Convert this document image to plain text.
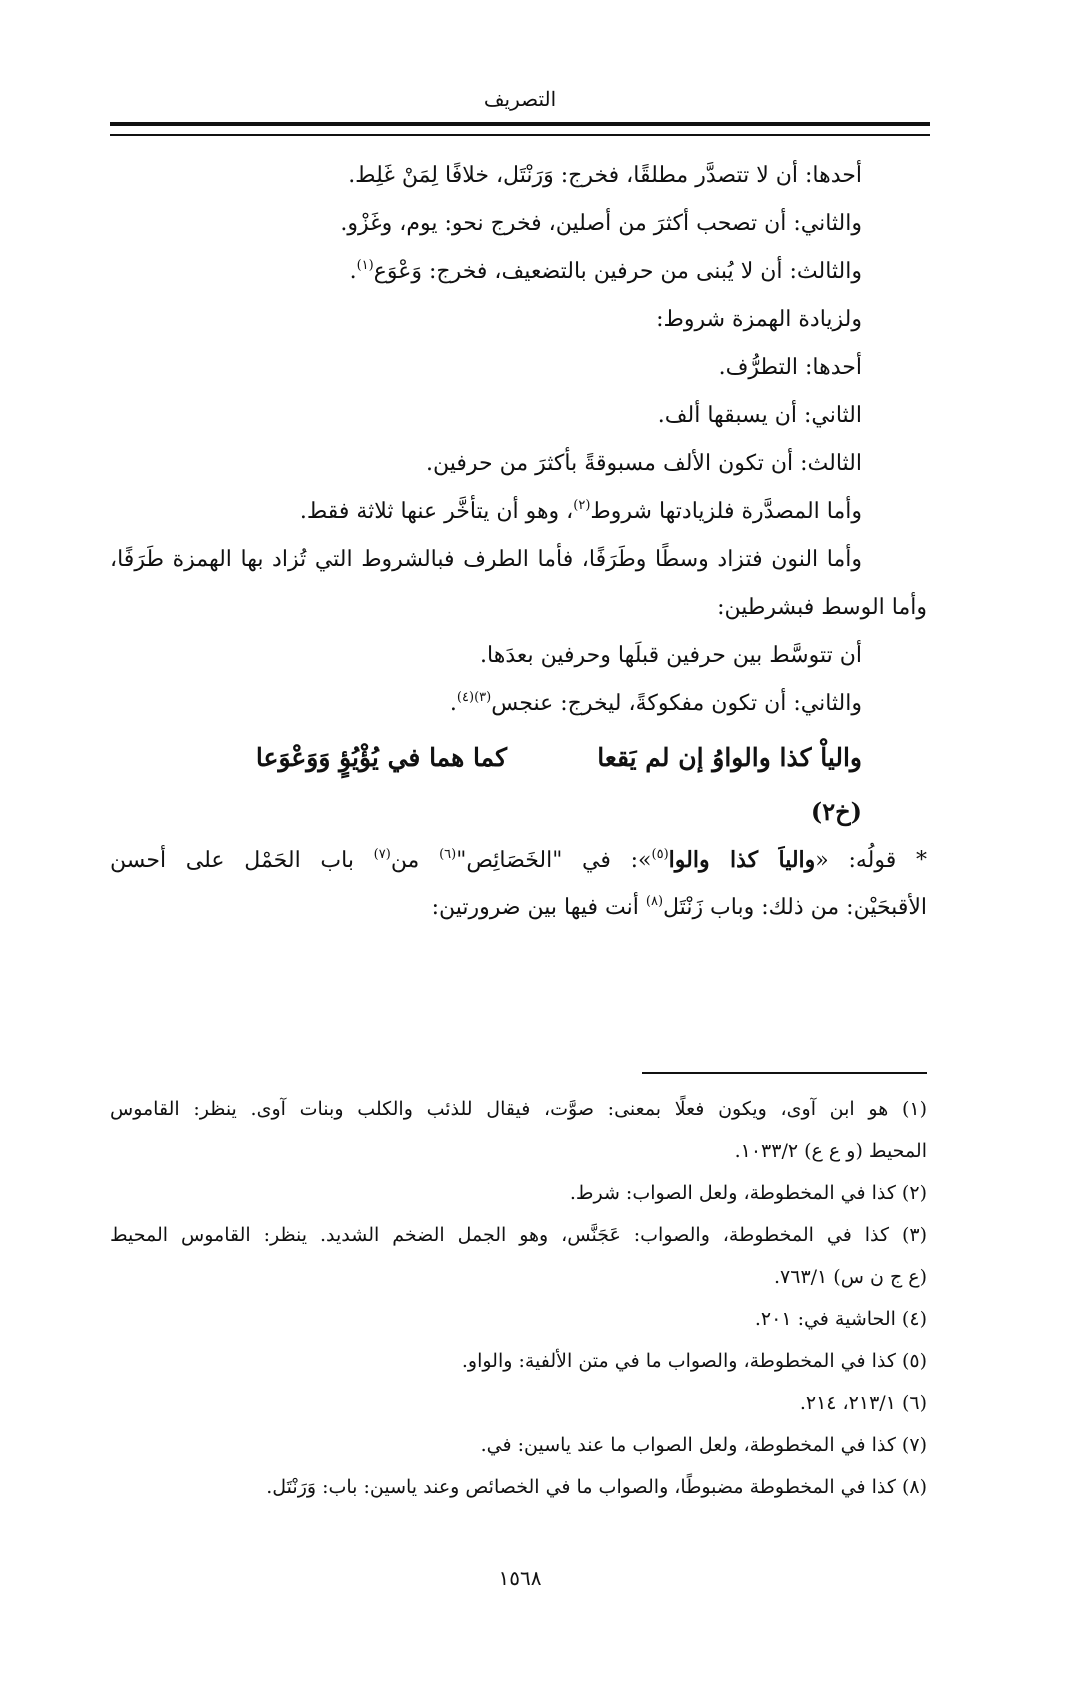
التصريف
أحدها: أن لا تتصدَّر مطلقًا، فخرج: وَرَنْتَل، خلافًا لِمَنْ غَلِط.
والثاني: أن تصحب أكثرَ من أصلين، فخرج نحو: يوم، وغَزْو.
والثالث: أن لا يُبنى من حرفين بالتضعيف، فخرج: وَعْوَع$^{(١)}$.
ولزيادة الهمزة شروط:
أحدها: التطرُّف.
الثاني: أن يسبقها ألف.
الثالث: أن تكون الألف مسبوقةً بأكثرَ من حرفين.
وأما المصدَّرة فلزيادتها شروط$^{(٢)}$، وهو أن يتأخَّر عنها ثلاثة فقط.
وأما النون فتزاد وسطًا وطَرَفًا، فأما الطرف فبالشروط التي تُزاد بها الهمزة طَرَفًا،
وأما الوسط فبشرطين:
أن تتوسَّط بين حرفين قبلَها وحرفين بعدَها.
والثاني: أن تكون مفكوكةً، ليخرج: عنجس$^{(٣)(٤)}$.
والياْ كذا والواوُ إن لم يَقعاكما هما في يُؤْيُؤٍ وَوَعْوَعا
(خ٢)
* قولُه: «والياَ كذا والوا$^{(٥)}$»: في "الخَصَائِص"$^{(٦)}$ من$^{(٧)}$ باب الحَمْل على أحسن
الأقبحَيْن: من ذلك: وباب زَنْتَل$^{(٨)}$ أنت فيها بين ضرورتين:
(١) هو ابن آوى، ويكون فعلًا بمعنى: صوَّت، فيقال للذئب والكلب وبنات آوى. ينظر: القاموس
المحيط (و ع ع) ١٠٣٣/٢.
(٢) كذا في المخطوطة، ولعل الصواب: شرط.
(٣) كذا في المخطوطة، والصواب: عَجَنَّس، وهو الجمل الضخم الشديد. ينظر: القاموس المحيط
(ع ج ن س) ٧٦٣/١.
(٤) الحاشية في: ٢٠١.
(٥) كذا في المخطوطة، والصواب ما في متن الألفية: والواو.
(٦) ٢١٣/١، ٢١٤.
(٧) كذا في المخطوطة، ولعل الصواب ما عند ياسين: في.
(٨) كذا في المخطوطة مضبوطًا، والصواب ما في الخصائص وعند ياسين: باب: وَرَنْتَل.
١٥٦٨
